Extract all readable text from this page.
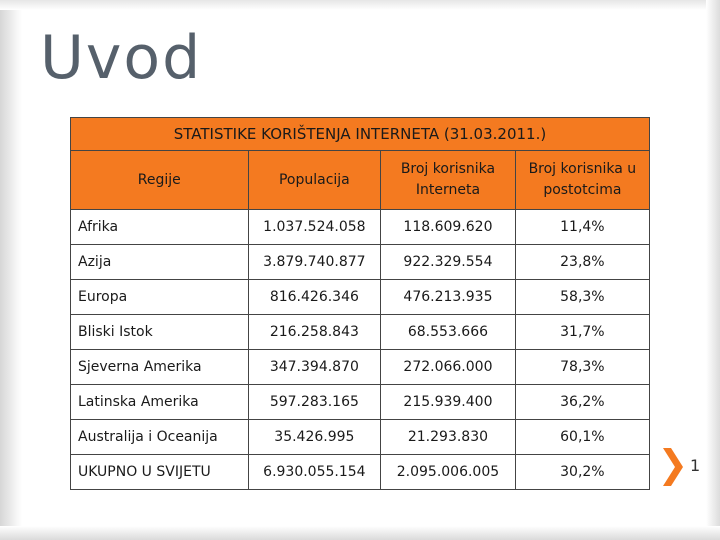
Uvod
STATISTIKE KORIŠTENJA INTERNETA (31.03.2011.)			
Regije	Populacija	Broj korisnika Interneta	Broj korisnika u postotcima
Afrika	1.037.524.058	118.609.620	11,4%
Azija	3.879.740.877	922.329.554	23,8%
Europa	816.426.346	476.213.935	58,3%
Bliski Istok	216.258.843	68.553.666	31,7%
Sjeverna Amerika	347.394.870	272.066.000	78,3%
Latinska Amerika	597.283.165	215.939.400	36,2%
Australija i Oceanija	35.426.995	21.293.830	60,1%
UKUPNO U SVIJETU	6.930.055.154	2.095.006.005	30,2%	1
